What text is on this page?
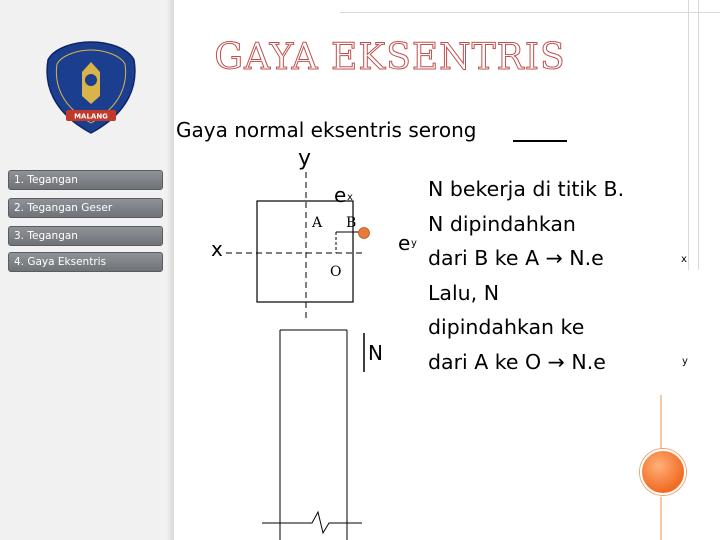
MALANG
1. Tegangan
2. Tegangan Geser
3. Tegangan
4. Gaya Eksentris
GAYA EKSENTRIS
Gaya normal eksentris serong
y
x
e x
e y
A B
O
N
N bekerja di titik B.
N dipindahkan
dari B ke A → N.e
Lalu, N
dipindahkan ke
dari A ke O → N.e
x
y
